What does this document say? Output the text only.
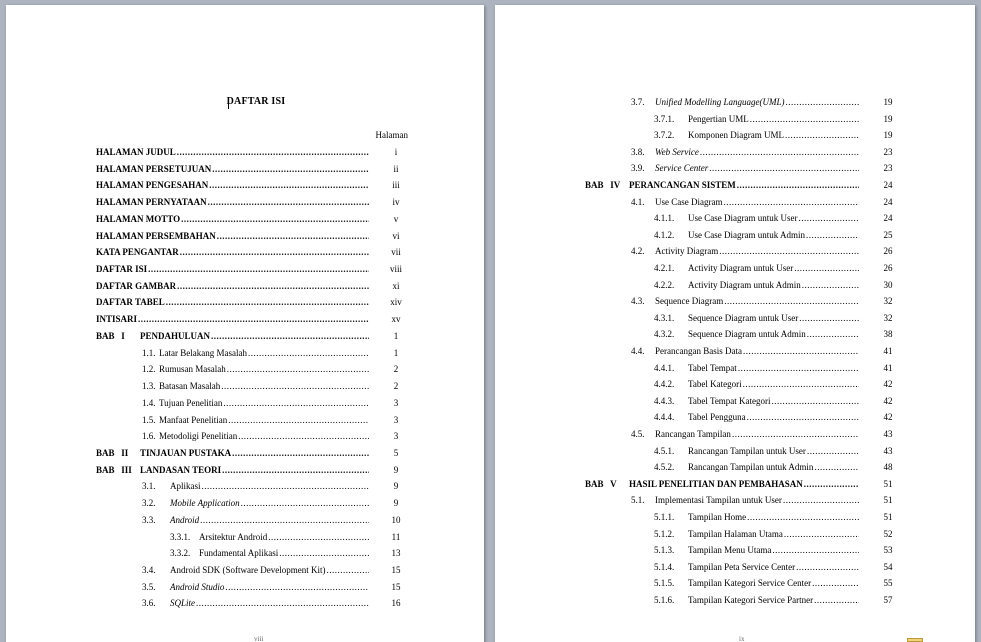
DAFTAR ISI
Halaman
HALAMAN JUDUL .....	i
HALAMAN PERSETUJUAN .....	ii
HALAMAN PENGESAHAN .....	iii
HALAMAN PERNYATAAN .....	iv
HALAMAN MOTTO .....	v
HALAMAN PERSEMBAHAN .....	vi
KATA PENGANTAR .....	vii
DAFTAR ISI .....	viii
DAFTAR GAMBAR .....	xi
DAFTAR TABEL .....	xiv
INTISARI .....	xv
BAB   I	PENDAHULUAN .....	1
1.1. Latar Belakang Masalah .....	1
1.2. Rumusan Masalah .....	2
1.3. Batasan Masalah .....	2
1.4. Tujuan Penelitian .....	3
1.5. Manfaat Penelitian .....	3
1.6. Metodoligi Penelitian .....	3
BAB   II	TINJAUAN PUSTAKA .....	5
BAB   III LANDASAN TEORI .....	9
3.1.	Aplikasi .....	9
3.2.	Mobile Application .....	9
3.3.	Android .....	10
3.3.1. Arsitektur Android .....	11
3.3.2. Fundamental Aplikasi .....	13
3.4.	Android SDK (Software Development Kit) .....	15
3.5.	Android Studio .....	15
3.6.	SQLite .....	16
viii
3.7.	Unified Modelling Language(UML) .....	19
3.7.1.	Pengertian UML .....	19
3.7.2.	Komponen Diagram UML .....	19
3.8.	Web Service .....	23
3.9.	Service Center .....	23
BAB   IV PERANCANGAN SISTEM .....	24
4.1.	Use Case Diagram .....	24
4.1.1.	Use Case Diagram untuk User .....	24
4.1.2.	Use Case Diagram untuk Admin .....	25
4.2.	Activity Diagram .....	26
4.2.1.	Activity Diagram untuk User .....	26
4.2.2.	Activity Diagram untuk Admin .....	30
4.3.	Sequence Diagram .....	32
4.3.1.	Sequence Diagram untuk User .....	32
4.3.2.	Sequence Diagram untuk Admin .....	38
4.4.	Perancangan Basis Data .....	41
4.4.1.	Tabel Tempat .....	41
4.4.2.	Tabel Kategori .....	42
4.4.3.	Tabel Tempat Kategori .....	42
4.4.4.	Tabel Pengguna .....	42
4.5.	Rancangan Tampilan .....	43
4.5.1.	Rancangan Tampilan untuk User .....	43
4.5.2.	Rancangan Tampilan untuk Admin .....	48
BAB   V	HASIL PENELITIAN DAN PEMBAHASAN .....	51
5.1.	Implementasi Tampilan untuk User .....	51
5.1.1.	Tampilan Home .....	51
5.1.2.	Tampilan Halaman Utama .....	52
5.1.3.	Tampilan Menu Utama .....	53
5.1.4.	Tampilan Peta Service Center .....	54
5.1.5.	Tampilan Kategori Service Center .....	55
5.1.6.	Tampilan Kategori Service Partner .....	57
ix
